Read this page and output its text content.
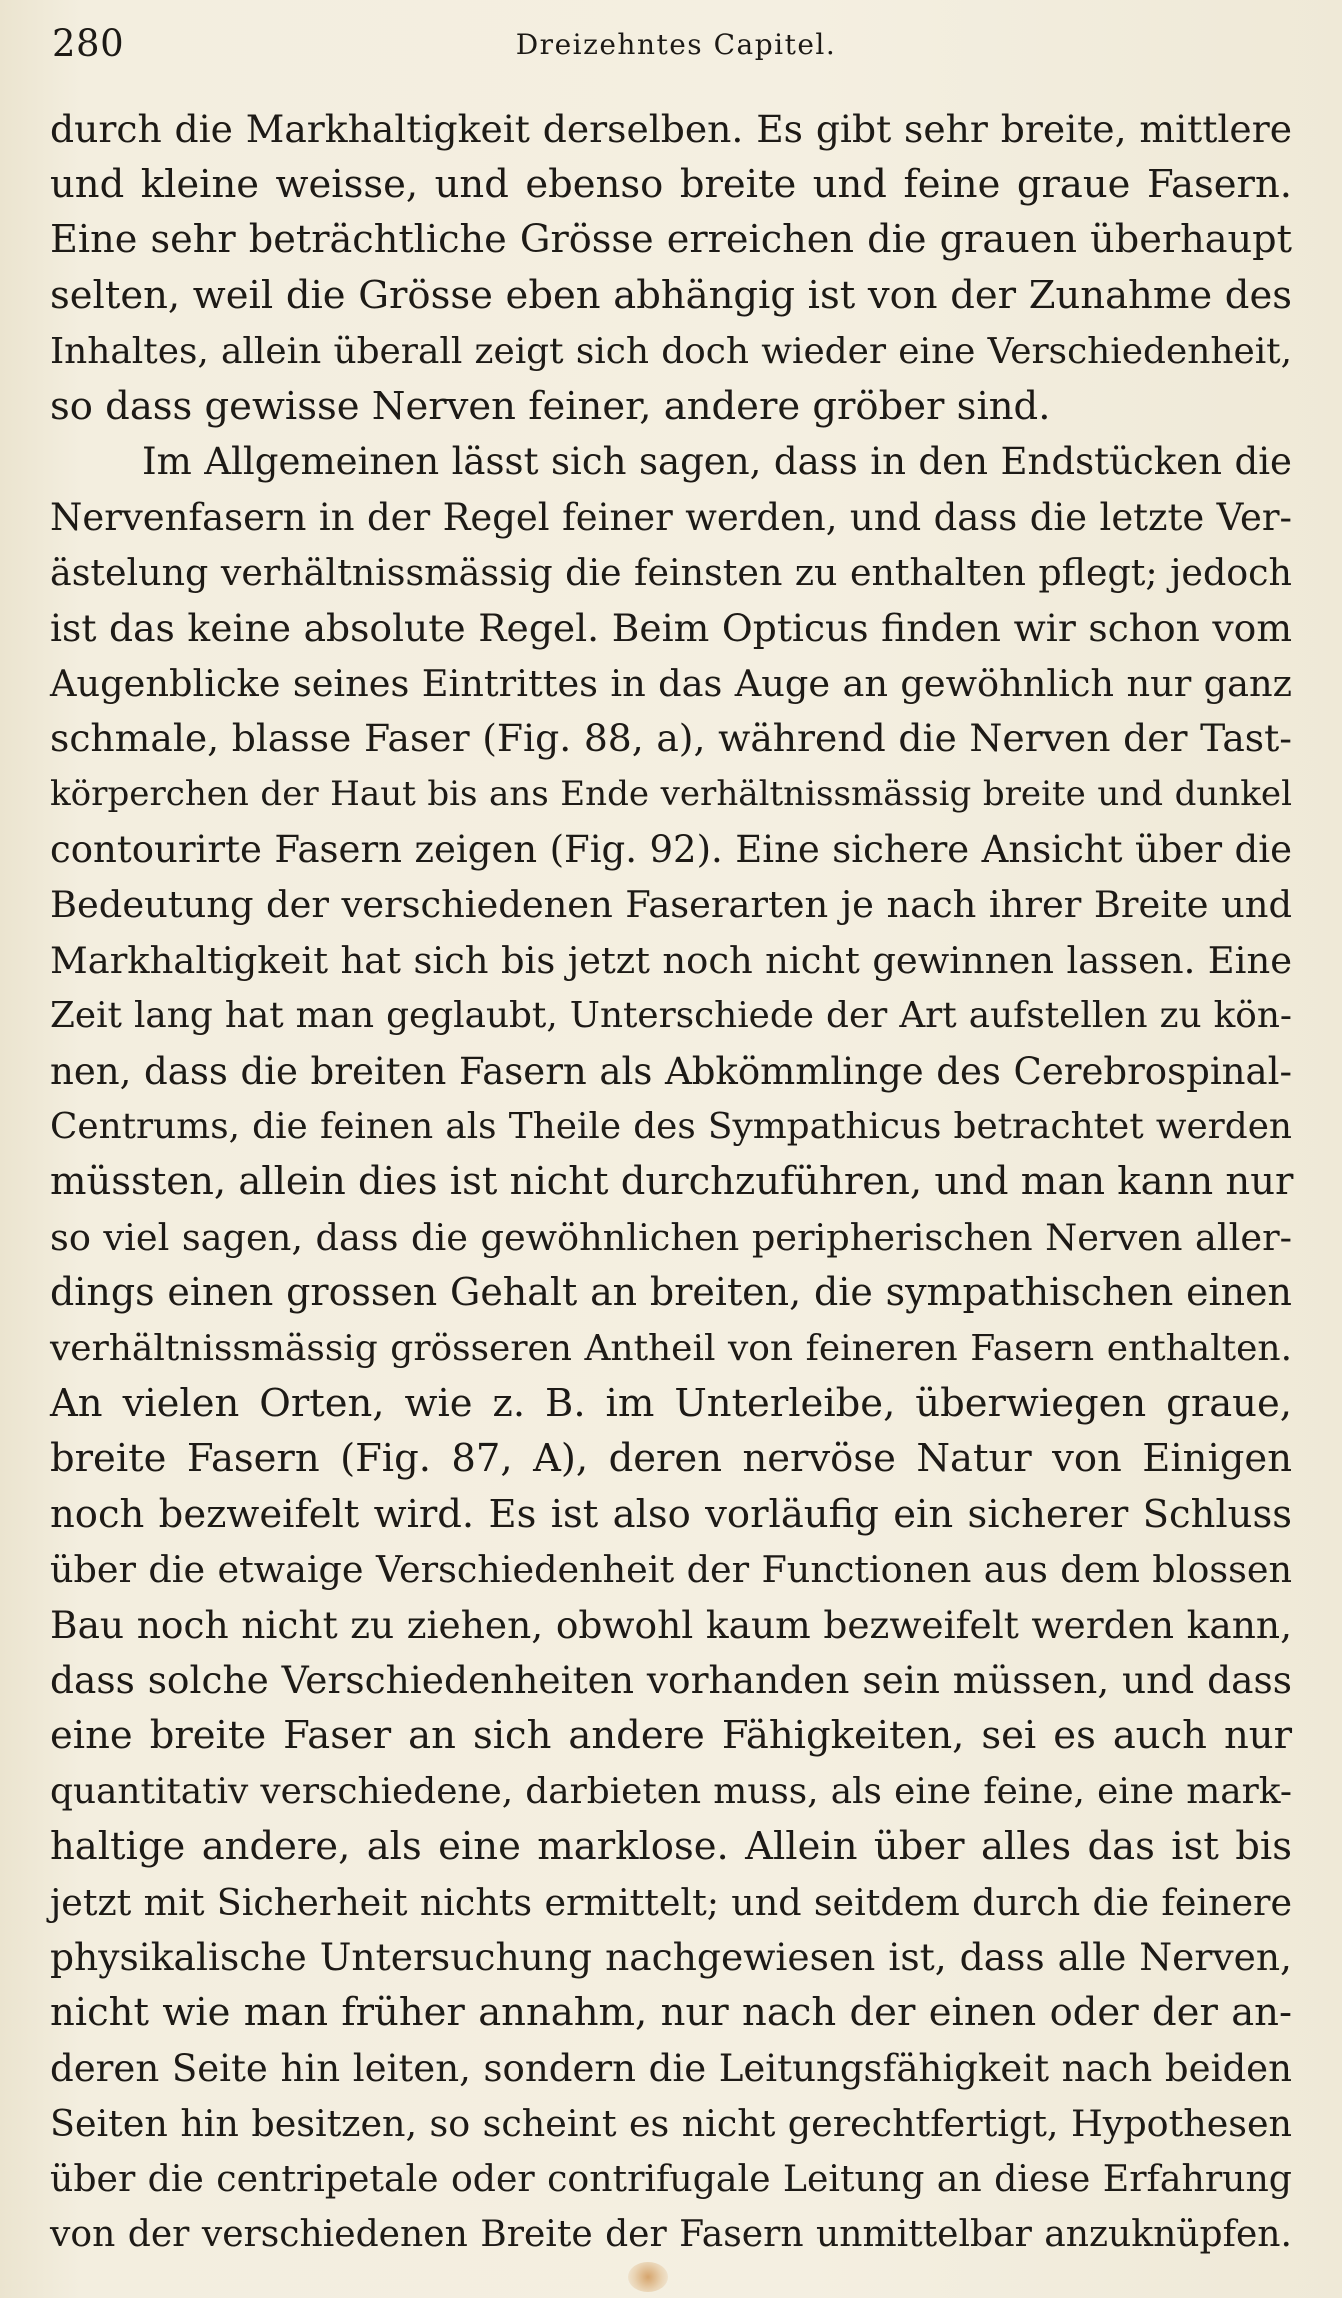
280	Dreizehntes Capitel.
durch die Markhaltigkeit derselben. Es gibt sehr breite, mittlere
und kleine weisse, und ebenso breite und feine graue Fasern.
Eine sehr beträchtliche Grösse erreichen die grauen überhaupt
selten, weil die Grösse eben abhängig ist von der Zunahme des
Inhaltes, allein überall zeigt sich doch wieder eine Verschiedenheit,
so dass gewisse Nerven feiner, andere gröber sind.
Im Allgemeinen lässt sich sagen, dass in den Endstücken die
Nervenfasern in der Regel feiner werden, und dass die letzte Ver-
ästelung verhältnissmässig die feinsten zu enthalten pflegt; jedoch
ist das keine absolute Regel. Beim Opticus finden wir schon vom
Augenblicke seines Eintrittes in das Auge an gewöhnlich nur ganz
schmale, blasse Faser (Fig. 88, a), während die Nerven der Tast-
körperchen der Haut bis ans Ende verhältnissmässig breite und dunkel
contourirte Fasern zeigen (Fig. 92). Eine sichere Ansicht über die
Bedeutung der verschiedenen Faserarten je nach ihrer Breite und
Markhaltigkeit hat sich bis jetzt noch nicht gewinnen lassen. Eine
Zeit lang hat man geglaubt, Unterschiede der Art aufstellen zu kön-
nen, dass die breiten Fasern als Abkömmlinge des Cerebrospinal-
Centrums, die feinen als Theile des Sympathicus betrachtet werden
müssten, allein dies ist nicht durchzuführen, und man kann nur
so viel sagen, dass die gewöhnlichen peripherischen Nerven aller-
dings einen grossen Gehalt an breiten, die sympathischen einen
verhältnissmässig grösseren Antheil von feineren Fasern enthalten.
An vielen Orten, wie z. B. im Unterleibe, überwiegen graue,
breite Fasern (Fig. 87, A), deren nervöse Natur von Einigen
noch bezweifelt wird. Es ist also vorläufig ein sicherer Schluss
über die etwaige Verschiedenheit der Functionen aus dem blossen
Bau noch nicht zu ziehen, obwohl kaum bezweifelt werden kann,
dass solche Verschiedenheiten vorhanden sein müssen, und dass
eine breite Faser an sich andere Fähigkeiten, sei es auch nur
quantitativ verschiedene, darbieten muss, als eine feine, eine mark-
haltige andere, als eine marklose. Allein über alles das ist bis
jetzt mit Sicherheit nichts ermittelt; und seitdem durch die feinere
physikalische Untersuchung nachgewiesen ist, dass alle Nerven,
nicht wie man früher annahm, nur nach der einen oder der an-
deren Seite hin leiten, sondern die Leitungsfähigkeit nach beiden
Seiten hin besitzen, so scheint es nicht gerechtfertigt, Hypothesen
über die centripetale oder contrifugale Leitung an diese Erfahrung
von der verschiedenen Breite der Fasern unmittelbar anzuknüpfen.
